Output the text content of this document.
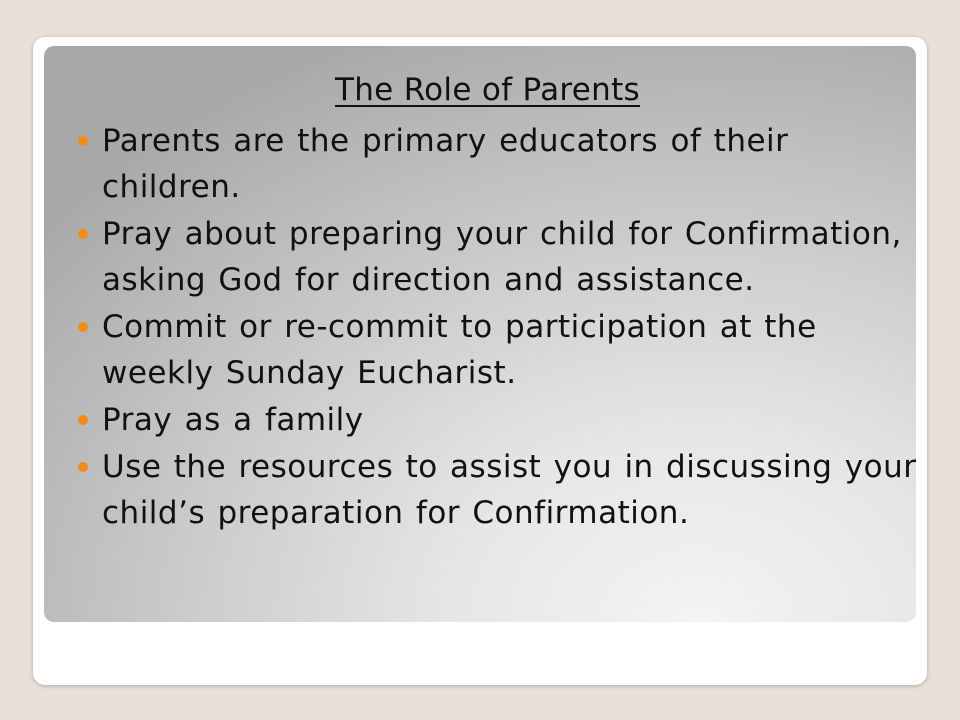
The Role of Parents
Parents are the primary educators of their children.
Pray about preparing your child for Confirmation, asking God for direction and assistance.
Commit or re-commit to participation at the weekly Sunday Eucharist.
Pray as a family
Use the resources to assist you in discussing your child’s preparation for Confirmation.
